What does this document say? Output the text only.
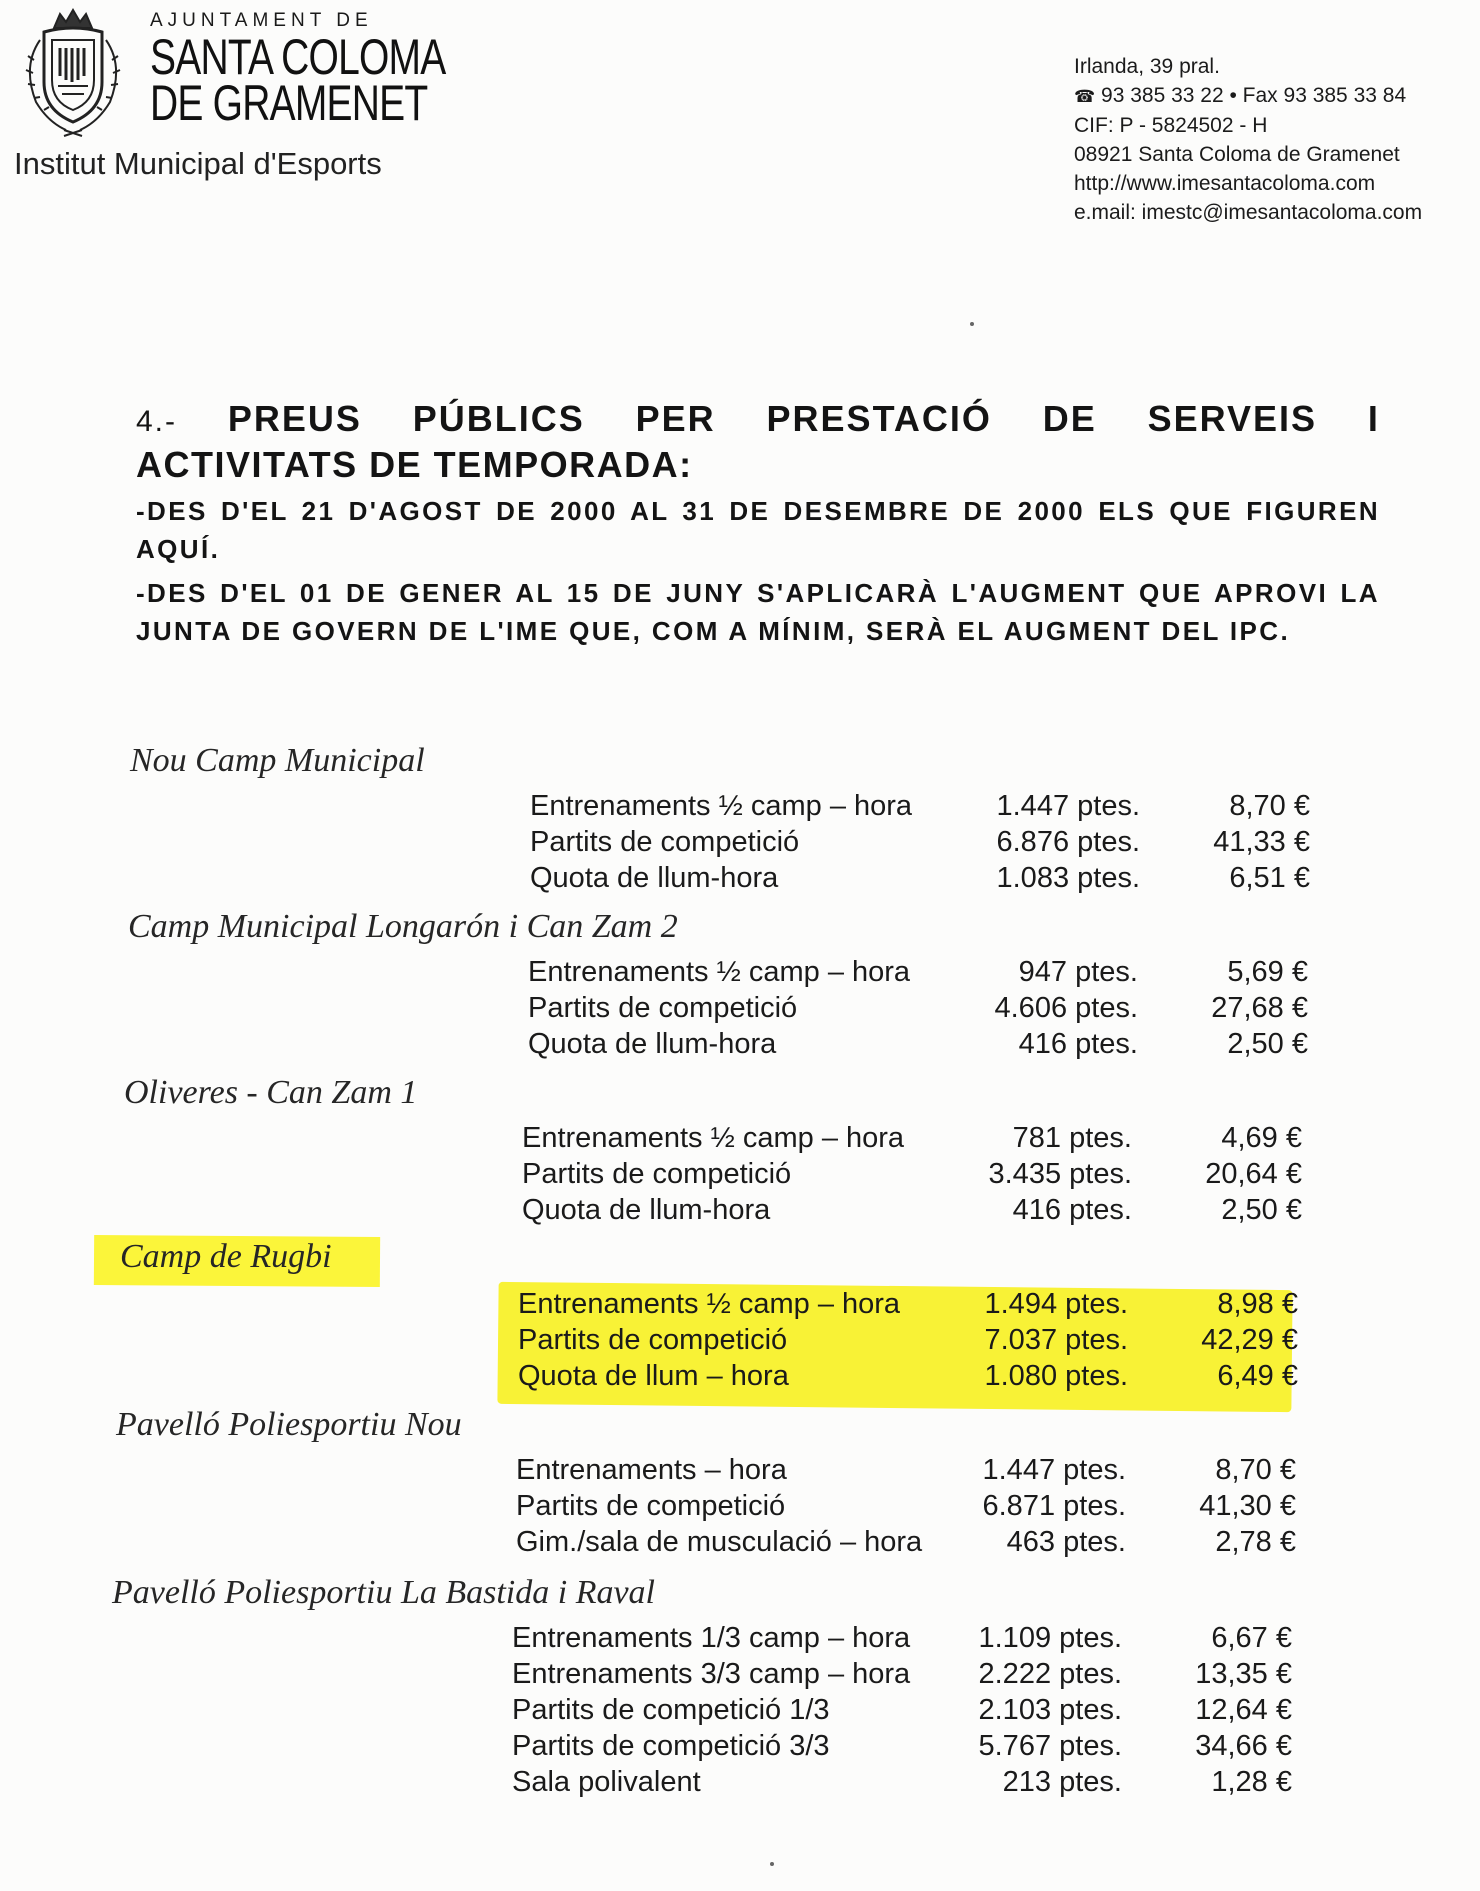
AJUNTAMENT DE
SANTA COLOMA
DE GRAMENET
Institut Municipal d'Esports
Irlanda, 39 pral.
☎ 93 385 33 22 • Fax 93 385 33 84
CIF: P - 5824502 - H
08921 Santa Coloma de Gramenet
http://www.imesantacoloma.com
e.mail: imestc@imesantacoloma.com
4.- PREUS PÚBLICS PER PRESTACIÓ DE SERVEIS I
ACTIVITATS DE TEMPORADA:
-DES D'EL 21 D'AGOST DE 2000 AL 31 DE DESEMBRE DE 2000 ELS QUE FIGUREN AQUÍ.
-DES D'EL 01 DE GENER AL 15 DE JUNY S'APLICARÀ L'AUGMENT QUE APROVI LA JUNTA DE GOVERN DE L'IME QUE, COM A MÍNIM, SERÀ EL AUGMENT DEL IPC.
Nou Camp Municipal
Entrenaments ½ camp – hora	1.447 ptes.	8,70 €
Partits de competició	6.876 ptes.	41,33 €
Quota de llum-hora	1.083 ptes.	6,51 €
Camp Municipal Longarón i Can Zam 2
Entrenaments ½ camp – hora	947 ptes.	5,69 €
Partits de competició	4.606 ptes.	27,68 €
Quota de llum-hora	416 ptes.	2,50 €
Oliveres - Can Zam 1
Entrenaments ½ camp – hora	781 ptes.	4,69 €
Partits de competició	3.435 ptes.	20,64 €
Quota de llum-hora	416 ptes.	2,50 €
Camp de Rugbi
Entrenaments ½ camp – hora	1.494 ptes.	8,98 €
Partits de competició	7.037 ptes.	42,29 €
Quota de llum – hora	1.080 ptes.	6,49 €
Pavelló Poliesportiu Nou
Entrenaments – hora	1.447 ptes.	8,70 €
Partits de competició	6.871 ptes.	41,30 €
Gim./sala de musculació – hora	463 ptes.	2,78 €
Pavelló Poliesportiu La Bastida i Raval
Entrenaments 1/3 camp – hora 1.109 ptes.	6,67 €
Entrenaments 3/3 camp – hora 2.222 ptes.	13,35 €
Partits de competició 1/3	2.103 ptes.	12,64 €
Partits de competició 3/3	5.767 ptes.	34,66 €
Sala polivalent	213 ptes.	1,28 €
